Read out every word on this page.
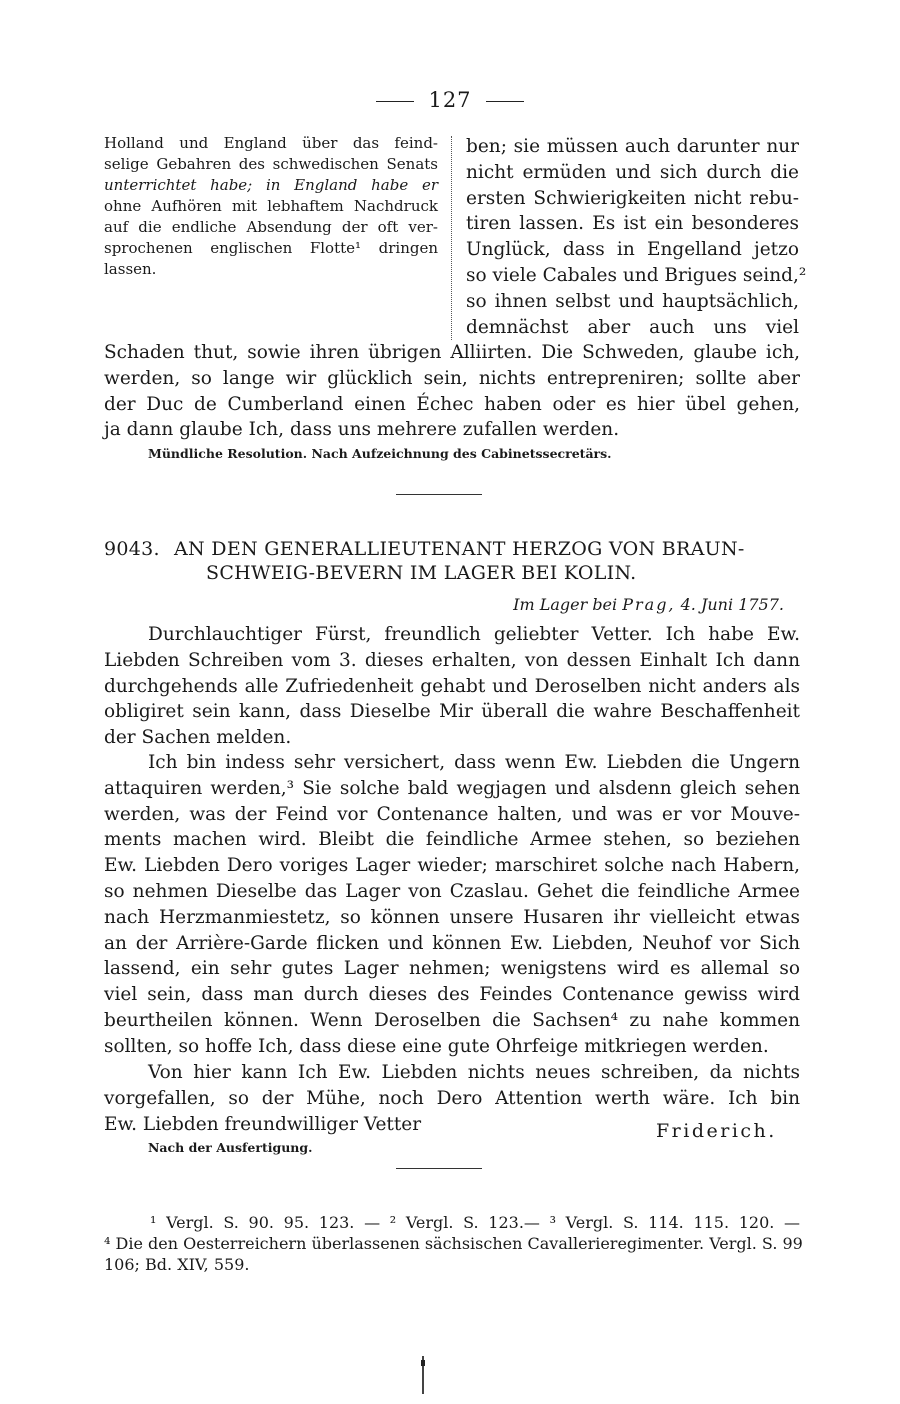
127
Holland und England über das feind-
selige Gebahren des schwedischen Senats
unterrichtet habe; in England habe er
ohne Aufhören mit lebhaftem Nachdruck
auf die endliche Absendung der oft ver-
sprochenen englischen Flotte¹ dringen
lassen.
ben; sie müssen auch darunter nur
nicht ermüden und sich durch die
ersten Schwierigkeiten nicht rebu-
tiren lassen. Es ist ein besonderes
Unglück, dass in Engelland jetzo
so viele Cabales und Brigues seind,²
so ihnen selbst und hauptsächlich,
demnächst aber auch uns viel
Schaden thut, sowie ihren übrigen Alliirten. Die Schweden, glaube ich,
werden, so lange wir glücklich sein, nichts entrepreniren; sollte aber
der Duc de Cumberland einen Échec haben oder es hier übel gehen,
ja dann glaube Ich, dass uns mehrere zufallen werden.
Mündliche Resolution. Nach Aufzeichnung des Cabinetssecretärs.
9043. AN DEN GENERALLIEUTENANT HERZOG VON BRAUN-
SCHWEIG-BEVERN IM LAGER BEI KOLIN.
Im Lager bei Prag, 4. Juni 1757.
Durchlauchtiger Fürst, freundlich geliebter Vetter. Ich habe Ew.
Liebden Schreiben vom 3. dieses erhalten, von dessen Einhalt Ich dann
durchgehends alle Zufriedenheit gehabt und Deroselben nicht anders als
obligiret sein kann, dass Dieselbe Mir überall die wahre Beschaffenheit
der Sachen melden.
Ich bin indess sehr versichert, dass wenn Ew. Liebden die Ungern
attaquiren werden,³ Sie solche bald wegjagen und alsdenn gleich sehen
werden, was der Feind vor Contenance halten, und was er vor Mouve-
ments machen wird. Bleibt die feindliche Armee stehen, so beziehen
Ew. Liebden Dero voriges Lager wieder; marschiret solche nach Habern,
so nehmen Dieselbe das Lager von Czaslau. Gehet die feindliche Armee
nach Herzmanmiestetz, so können unsere Husaren ihr vielleicht etwas
an der Arrière-Garde flicken und können Ew. Liebden, Neuhof vor Sich
lassend, ein sehr gutes Lager nehmen; wenigstens wird es allemal so
viel sein, dass man durch dieses des Feindes Contenance gewiss wird
beurtheilen können. Wenn Deroselben die Sachsen⁴ zu nahe kommen
sollten, so hoffe Ich, dass diese eine gute Ohrfeige mitkriegen werden.
Von hier kann Ich Ew. Liebden nichts neues schreiben, da nichts
vorgefallen, so der Mühe, noch Dero Attention werth wäre. Ich bin
Ew. Liebden freundwilliger Vetter	Friderich.
Nach der Ausfertigung.
¹ Vergl. S. 90. 95. 123. — ² Vergl. S. 123.— ³ Vergl. S. 114. 115. 120. —
⁴ Die den Oesterreichern überlassenen sächsischen Cavallerieregimenter. Vergl. S. 99
106; Bd. XIV, 559.
